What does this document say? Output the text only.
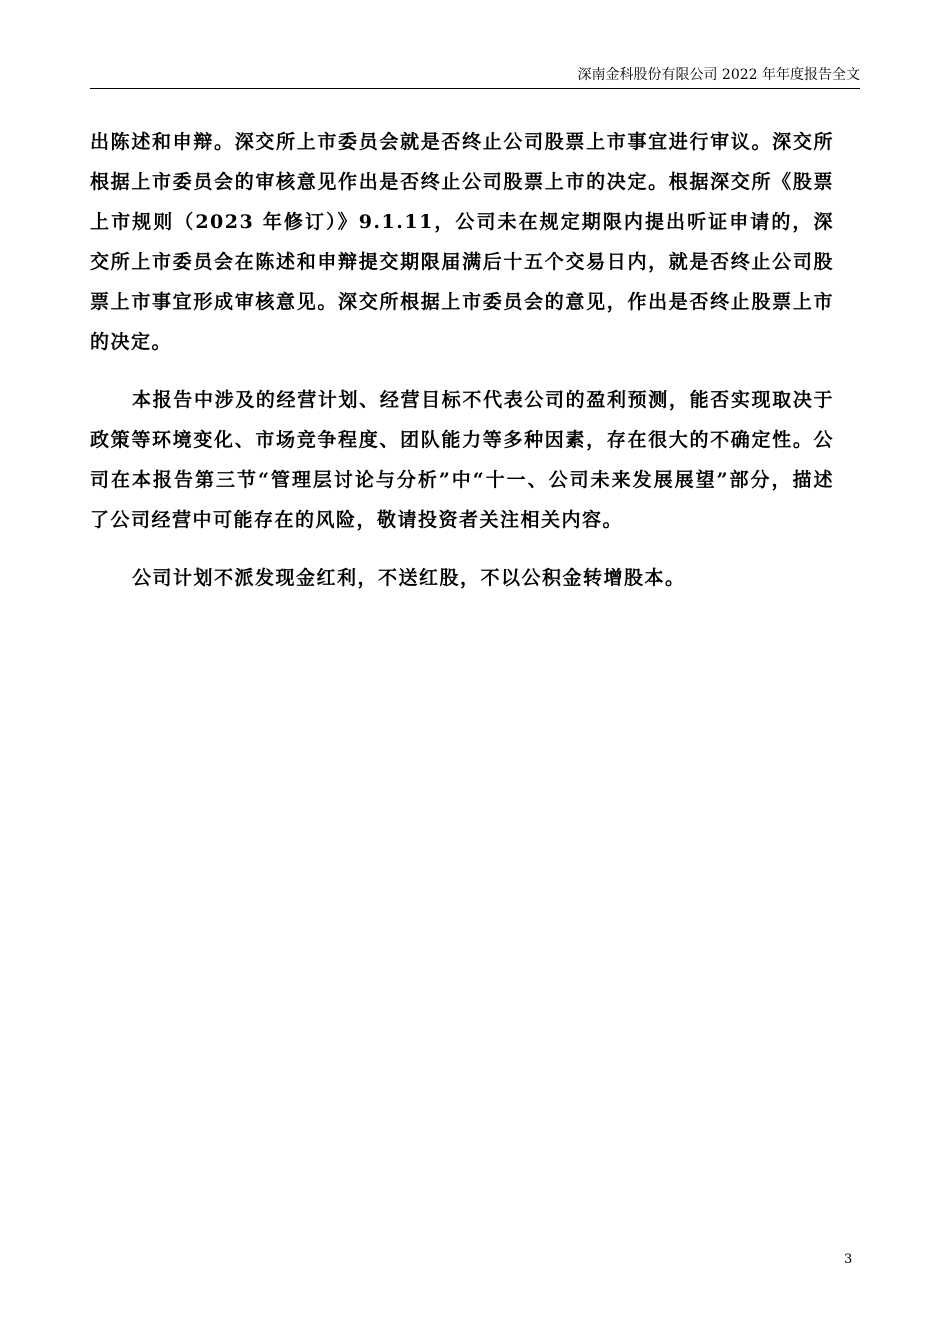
深南金科股份有限公司 2022 年年度报告全文

出陈述和申辩。深交所上市委员会就是否终止公司股票上市事宜进行审议。深交所根据上市委员会的审核意见作出是否终止公司股票上市的决定。根据深交所《股票上市规则（2023 年修订）》9.1.11，公司未在规定期限内提出听证申请的，深交所上市委员会在陈述和申辩提交期限届满后十五个交易日内，就是否终止公司股票上市事宜形成审核意见。深交所根据上市委员会的意见，作出是否终止股票上市的决定。

本报告中涉及的经营计划、经营目标不代表公司的盈利预测，能否实现取决于政策等环境变化、市场竞争程度、团队能力等多种因素，存在很大的不确定性。公司在本报告第三节“管理层讨论与分析”中“十一、公司未来发展展望”部分，描述了公司经营中可能存在的风险，敬请投资者关注相关内容。

公司计划不派发现金红利，不送红股，不以公积金转增股本。

3
